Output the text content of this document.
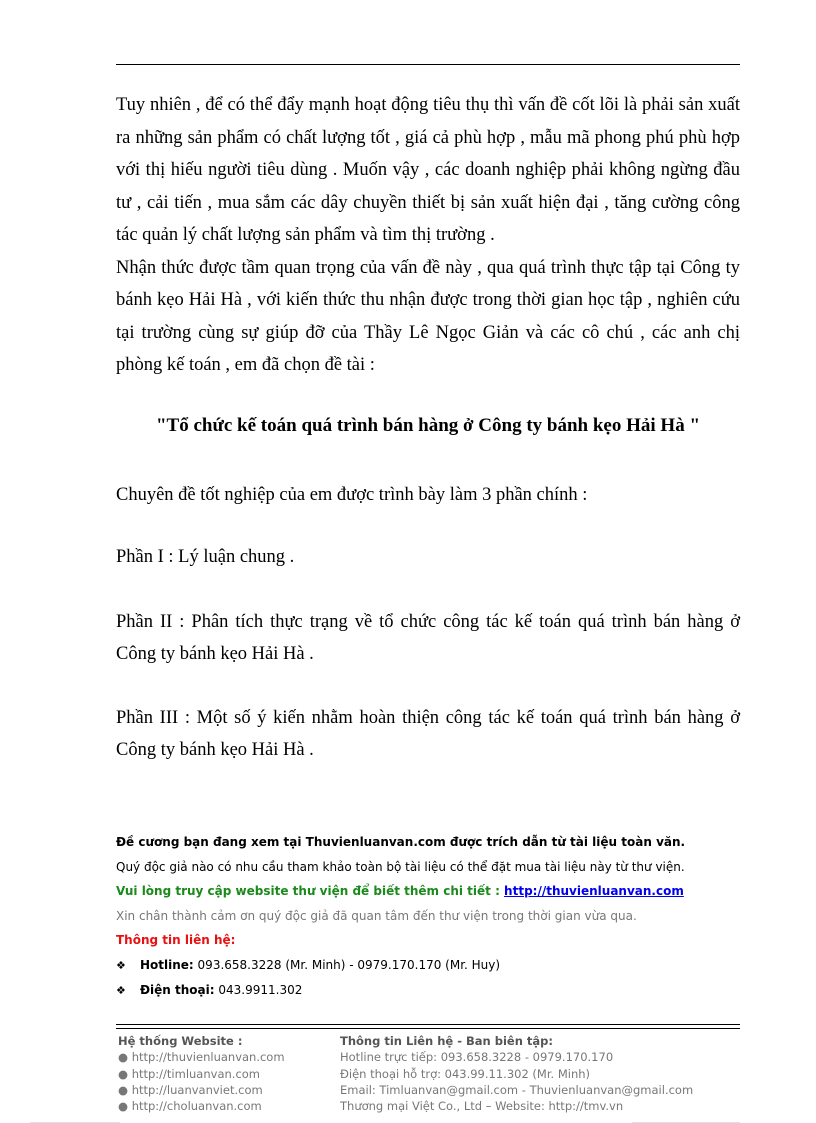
Tuy nhiên , để có thể đẩy mạnh hoạt động tiêu thụ thì vấn đề cốt lõi là phải sản xuất ra những sản phẩm có chất lượng tốt , giá cả phù hợp , mẫu mã phong phú phù hợp với thị hiếu người tiêu dùng . Muốn vậy , các doanh nghiệp phải không ngừng đầu tư , cải tiến , mua sắm các dây chuyền thiết bị sản xuất hiện đại , tăng cường công tác quản lý chất lượng sản phẩm và tìm thị trường .

Nhận thức được tầm quan trọng của vấn đề này , qua quá trình thực tập tại Công ty bánh kẹo Hải Hà , với kiến thức thu nhận được trong thời gian học tập , nghiên cứu tại trường cùng sự giúp đỡ của Thầy Lê Ngọc Giản và các cô chú , các anh chị phòng kế toán , em đã chọn đề tài :

"Tổ chức kế toán quá trình bán hàng ở Công ty bánh kẹo Hải Hà "
Chuyên đề tốt nghiệp của em được trình bày làm 3 phần chính :
Phần I : Lý luận chung .
Phần II : Phân tích thực trạng về tổ chức công tác kế toán quá trình bán hàng ở Công ty bánh kẹo Hải Hà .
Phần III : Một số ý kiến nhằm hoàn thiện công tác kế toán quá trình bán hàng ở Công ty bánh kẹo Hải Hà .
Đề cương bạn đang xem tại Thuvienluanvan.com được trích dẫn từ tài liệu toàn văn.
Quý độc giả nào có nhu cầu tham khảo toàn bộ tài liệu có thể đặt mua tài liệu này từ thư viện.
Vui lòng truy cập website thư viện để biết thêm chi tiết : http://thuvienluanvan.com
Xin chân thành cảm ơn quý độc giả đã quan tâm đến thư viện trong thời gian vừa qua.
Thông tin liên hệ:
❖ Hotline: 093.658.3228 (Mr. Minh) - 0979.170.170 (Mr. Huy)
❖ Điện thoại: 043.9911.302
Hệ thống Website :
● http://thuvienluanvan.com
● http://timluanvan.com
● http://luanvanviet.com
● http://choluanvan.com
Thông tin Liên hệ - Ban biên tập:
Hotline trực tiếp: 093.658.3228 - 0979.170.170
Điện thoại hỗ trợ: 043.99.11.302 (Mr. Minh)
Email: Timluanvan@gmail.com - Thuvienluanvan@gmail.com
Thương mại Việt Co., Ltd – Website: http://tmv.vn
